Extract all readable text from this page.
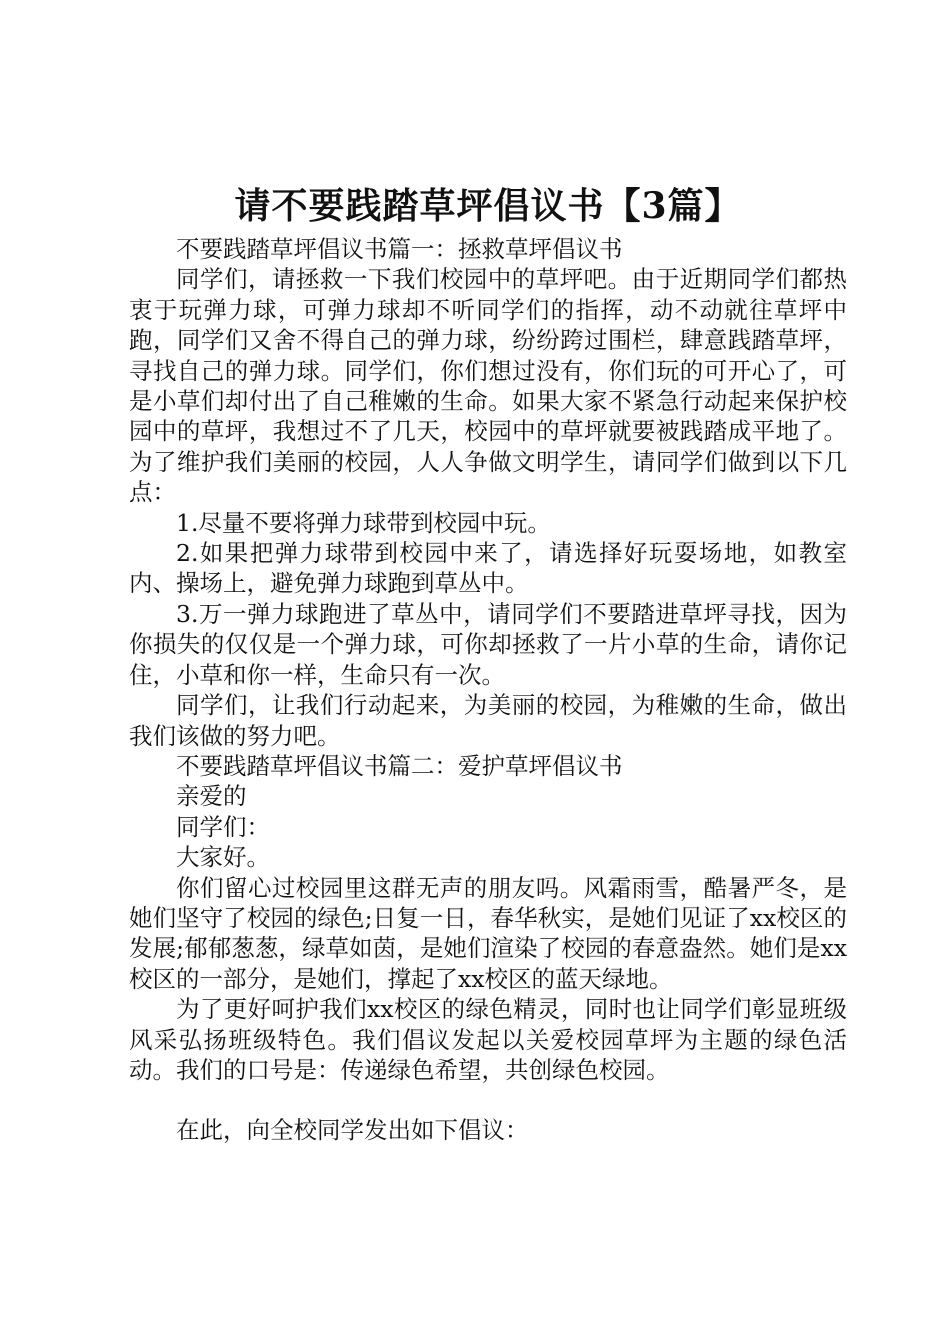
请不要践踏草坪倡议书【3篇】

不要践踏草坪倡议书篇一：拯救草坪倡议书

同学们，请拯救一下我们校园中的草坪吧。由于近期同学们都热衷于玩弹力球，可弹力球却不听同学们的指挥，动不动就往草坪中跑，同学们又舍不得自己的弹力球，纷纷跨过围栏，肆意践踏草坪，寻找自己的弹力球。同学们，你们想过没有，你们玩的可开心了，可是小草们却付出了自己稚嫩的生命。如果大家不紧急行动起来保护校园中的草坪，我想过不了几天，校园中的草坪就要被践踏成平地了。为了维护我们美丽的校园，人人争做文明学生，请同学们做到以下几点：

1.尽量不要将弹力球带到校园中玩。

2.如果把弹力球带到校园中来了，请选择好玩耍场地，如教室内、操场上，避免弹力球跑到草丛中。

3.万一弹力球跑进了草丛中，请同学们不要踏进草坪寻找，因为你损失的仅仅是一个弹力球，可你却拯救了一片小草的生命，请你记住，小草和你一样，生命只有一次。

同学们，让我们行动起来，为美丽的校园，为稚嫩的生命，做出我们该做的努力吧。

不要践踏草坪倡议书篇二：爱护草坪倡议书

亲爱的

同学们：

大家好。

你们留心过校园里这群无声的朋友吗。风霜雨雪，酷暑严冬，是她们坚守了校园的绿色;日复一日，春华秋实，是她们见证了xx校区的发展;郁郁葱葱，绿草如茵，是她们渲染了校园的春意盎然。她们是xx校区的一部分，是她们，撑起了xx校区的蓝天绿地。

为了更好呵护我们xx校区的绿色精灵，同时也让同学们彰显班级风采弘扬班级特色。我们倡议发起以关爱校园草坪为主题的绿色活动。我们的口号是：传递绿色希望，共创绿色校园。

在此，向全校同学发出如下倡议：
